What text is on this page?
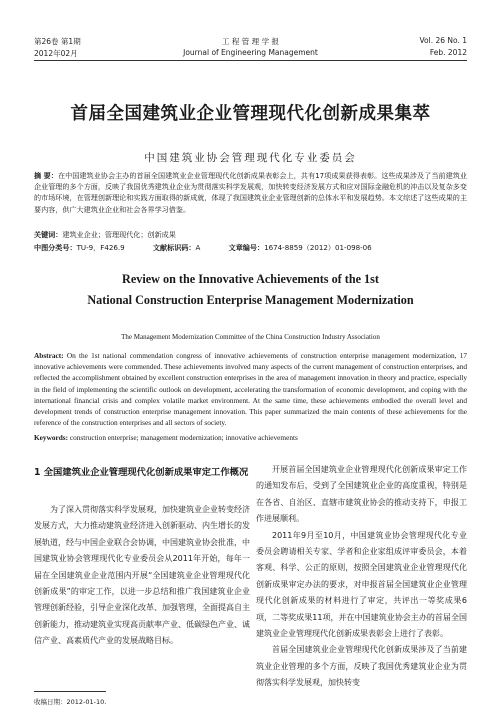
第26卷 第1期	工 程 管 理 学 报	Vol. 26 No. 1
2012年02月	Journal of Engineering Management	Feb. 2012
首届全国建筑业企业管理现代化创新成果集萃
中国建筑业协会管理现代化专业委员会
摘 要：在中国建筑业协会主办的首届全国建筑业企业管理现代化创新成果表彰会上，共有17项成果获得表彰。这些成果涉及了当前建筑业企业管理的多个方面，反映了我国优秀建筑业企业为贯彻落实科学发展观，加快转变经济发展方式和应对国际金融危机的冲击以及复杂多变的市场环境，在管理创新理论和实践方面取得的新成就，体现了我国建筑业企业管理创新的总体水平和发展趋势。本文综述了这些成果的主要内容，供广大建筑业企业和社会各界学习借鉴。
关键词：建筑业企业；管理现代化；创新成果
中图分类号：TU-9，F426.9	文献标识码：A	文章编号：1674-8859（2012）01-098-06
Review on the Innovative Achievements of the 1st
National Construction Enterprise Management Modernization
The Management Modernization Committee of the China Construction Industry Association
Abstract: On the 1st national commendation congress of innovative achievements of construction enterprise management modernization, 17 innovative achievements were commended. These achievements involved many aspects of the current management of construction enterprises, and reflected the accomplishment obtained by excellent construction enterprises in the area of management innovation in theory and practice, especially in the field of implementing the scientific outlook on development, accelerating the transformation of economic development, and coping with the international financial crisis and complex volatile market environment. At the same time, these achievements embodied the overall level and development trends of construction enterprise management innovation. This paper summarized the main contents of these achievements for the reference of the construction enterprises and all sectors of society.
Keywords: construction enterprise; management modernization; innovative achievements
1 全国建筑业企业管理现代化创新成果审定工作概况

为了深入贯彻落实科学发展观，加快建筑业企业转变经济发展方式，大力推动建筑业经济进入创新驱动、内生增长的发展轨道，经与中国企业联合会协调，中国建筑业协会批准，中国建筑业协会管理现代化专业委员会从2011年开始，每年一届在全国建筑业企业范围内开展“全国建筑业企业管理现代化创新成果”的审定工作，以进一步总结和推广我国建筑业企业管理创新经验，引导企业深化改革、加强管理，全面提高自主创新能力，推动建筑业实现高贡献率产业、低碳绿色产业、诚信产业、高素质代产业的发展战略目标。

开展首届全国建筑业企业管理现代化创新成果审定工作的通知发布后，受到了全国建筑业企业的高度重视，特别是在各省、自治区、直辖市建筑业协会的推动支持下，申报工作进展顺利。

2011年9月至10月，中国建筑业协会管理现代化专业委员会聘请相关专家、学者和企业家组成评审委员会，本着客观、科学、公正的原则，按照全国建筑业企业管理现代化创新成果审定办法的要求，对申报首届全国建筑业企业管理现代化创新成果的材料进行了审定，共评出一等奖成果6项，二等奖成果11项，并在中国建筑业协会主办的首届全国建筑业企业管理现代化创新成果表彰会上进行了表彰。

首届全国建筑业企业管理现代化创新成果涉及了当前建筑业企业管理的多个方面，反映了我国优秀建筑业企业为贯彻落实科学发展观，加快转变

收稿日期：2012-01-10.
